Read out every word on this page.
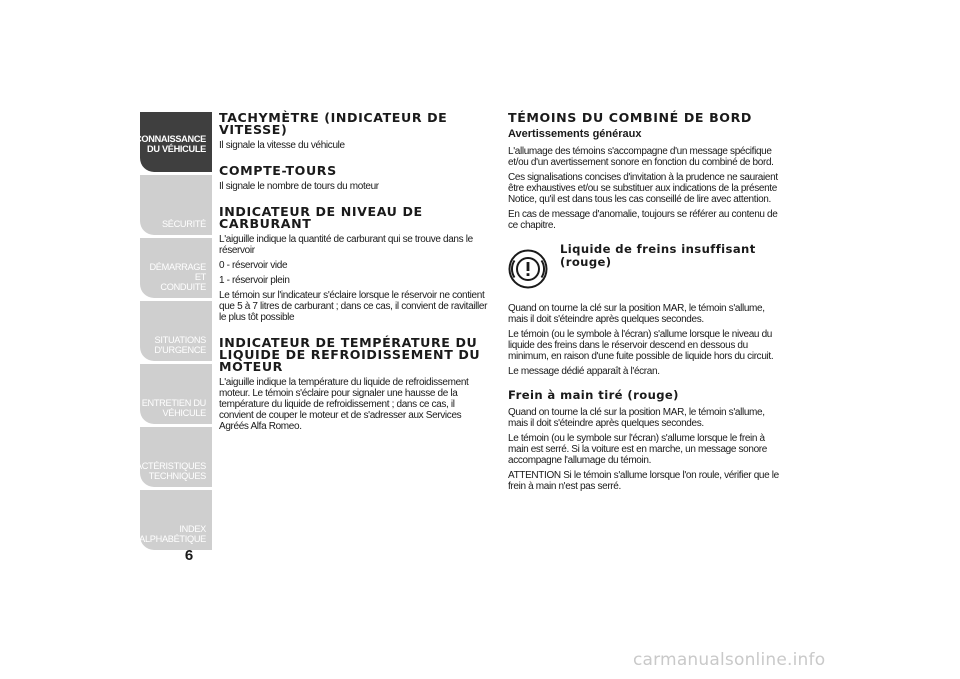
CONNAISSANCE
DU VÉHICULE
SÉCURITÉ
DÉMARRAGE ET
CONDUITE
SITUATIONS
D'URGENCE
ENTRETIEN DU
VÉHICULE
CARACTÉRISTIQUES
TECHNIQUES
INDEX
ALPHABÉTIQUE
6
TACHYMÈTRE (INDICATEUR DE VITESSE)

Il signale la vitesse du véhicule

COMPTE-TOURS

Il signale le nombre de tours du moteur

INDICATEUR DE NIVEAU DE CARBURANT

L'aiguille indique la quantité de carburant qui se trouve dans le réservoir

0 - réservoir vide

1 - réservoir plein

Le témoin sur l'indicateur s'éclaire lorsque le réservoir ne contient que 5 à 7 litres de carburant ; dans ce cas, il convient de ravitailler le plus tôt possible

INDICATEUR DE TEMPÉRATURE DU LIQUIDE DE REFROIDISSEMENT DU MOTEUR

L'aiguille indique la température du liquide de refroidissement moteur. Le témoin s'éclaire pour signaler une hausse de la température du liquide de refroidissement ; dans ce cas, il convient de couper le moteur et de s'adresser aux Services Agréés Alfa Romeo.

TÉMOINS DU COMBINÉ DE BORD
Avertissements généraux

L'allumage des témoins s'accompagne d'un message spécifique et/ou d'un avertissement sonore en fonction du combiné de bord.

Ces signalisations concises d'invitation à la prudence ne sauraient être exhaustives et/ou se substituer aux indications de la présente Notice, qu'il est dans tous les cas conseillé de lire avec attention.

En cas de message d'anomalie, toujours se référer au contenu de ce chapitre.

Liquide de freins insuffisant (rouge)

Quand on tourne la clé sur la position MAR, le témoin s'allume, mais il doit s'éteindre après quelques secondes.

Le témoin (ou le symbole à l'écran) s'allume lorsque le niveau du liquide des freins dans le réservoir descend en dessous du minimum, en raison d'une fuite possible de liquide hors du circuit.

Le message dédié apparaît à l'écran.

Frein à main tiré (rouge)

Quand on tourne la clé sur la position MAR, le témoin s'allume, mais il doit s'éteindre après quelques secondes.

Le témoin (ou le symbole sur l'écran) s'allume lorsque le frein à main est serré. Si la voiture est en marche, un message sonore accompagne l'allumage du témoin.

ATTENTION Si le témoin s'allume lorsque l'on roule, vérifier que le frein à main n'est pas serré.

carmanualsonline.info
